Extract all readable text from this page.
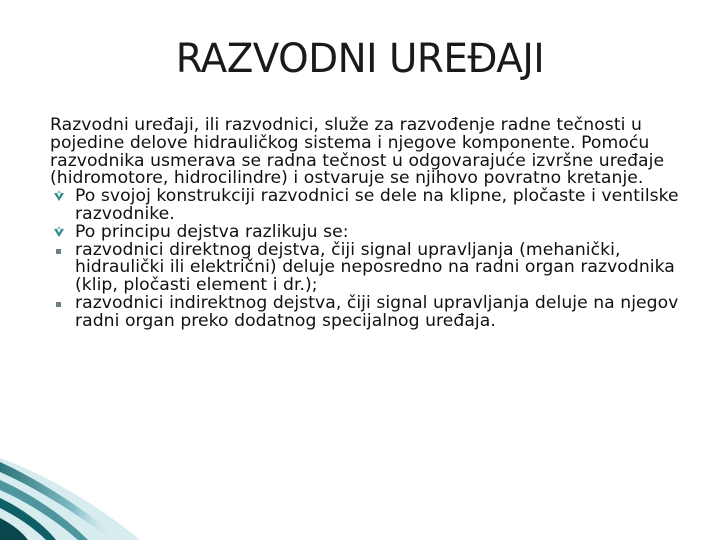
RAZVODNI UREĐAJI

Razvodni uređaji, ili razvodnici, služe za razvođenje radne tečnosti u pojedine delove hidrauličkog sistema i njegove komponente. Pomoću razvodnika usmerava se radna tečnost u odgovarajuće izvršne uređaje (hidromotore, hidrocilindre) i ostvaruje se njihovo povratno kretanje.

Po svojoj konstrukciji razvodnici se dele na klipne, pločaste i ventilske razvodnike.

Po principu dejstva razlikuju se:

razvodnici direktnog dejstva, čiji signal upravljanja (mehanički, hidraulički ili električni) deluje neposredno na radni organ razvodnika (klip, pločasti element i dr.);

razvodnici indirektnog dejstva, čiji signal upravljanja deluje na njegov radni organ preko dodatnog specijalnog uređaja.
